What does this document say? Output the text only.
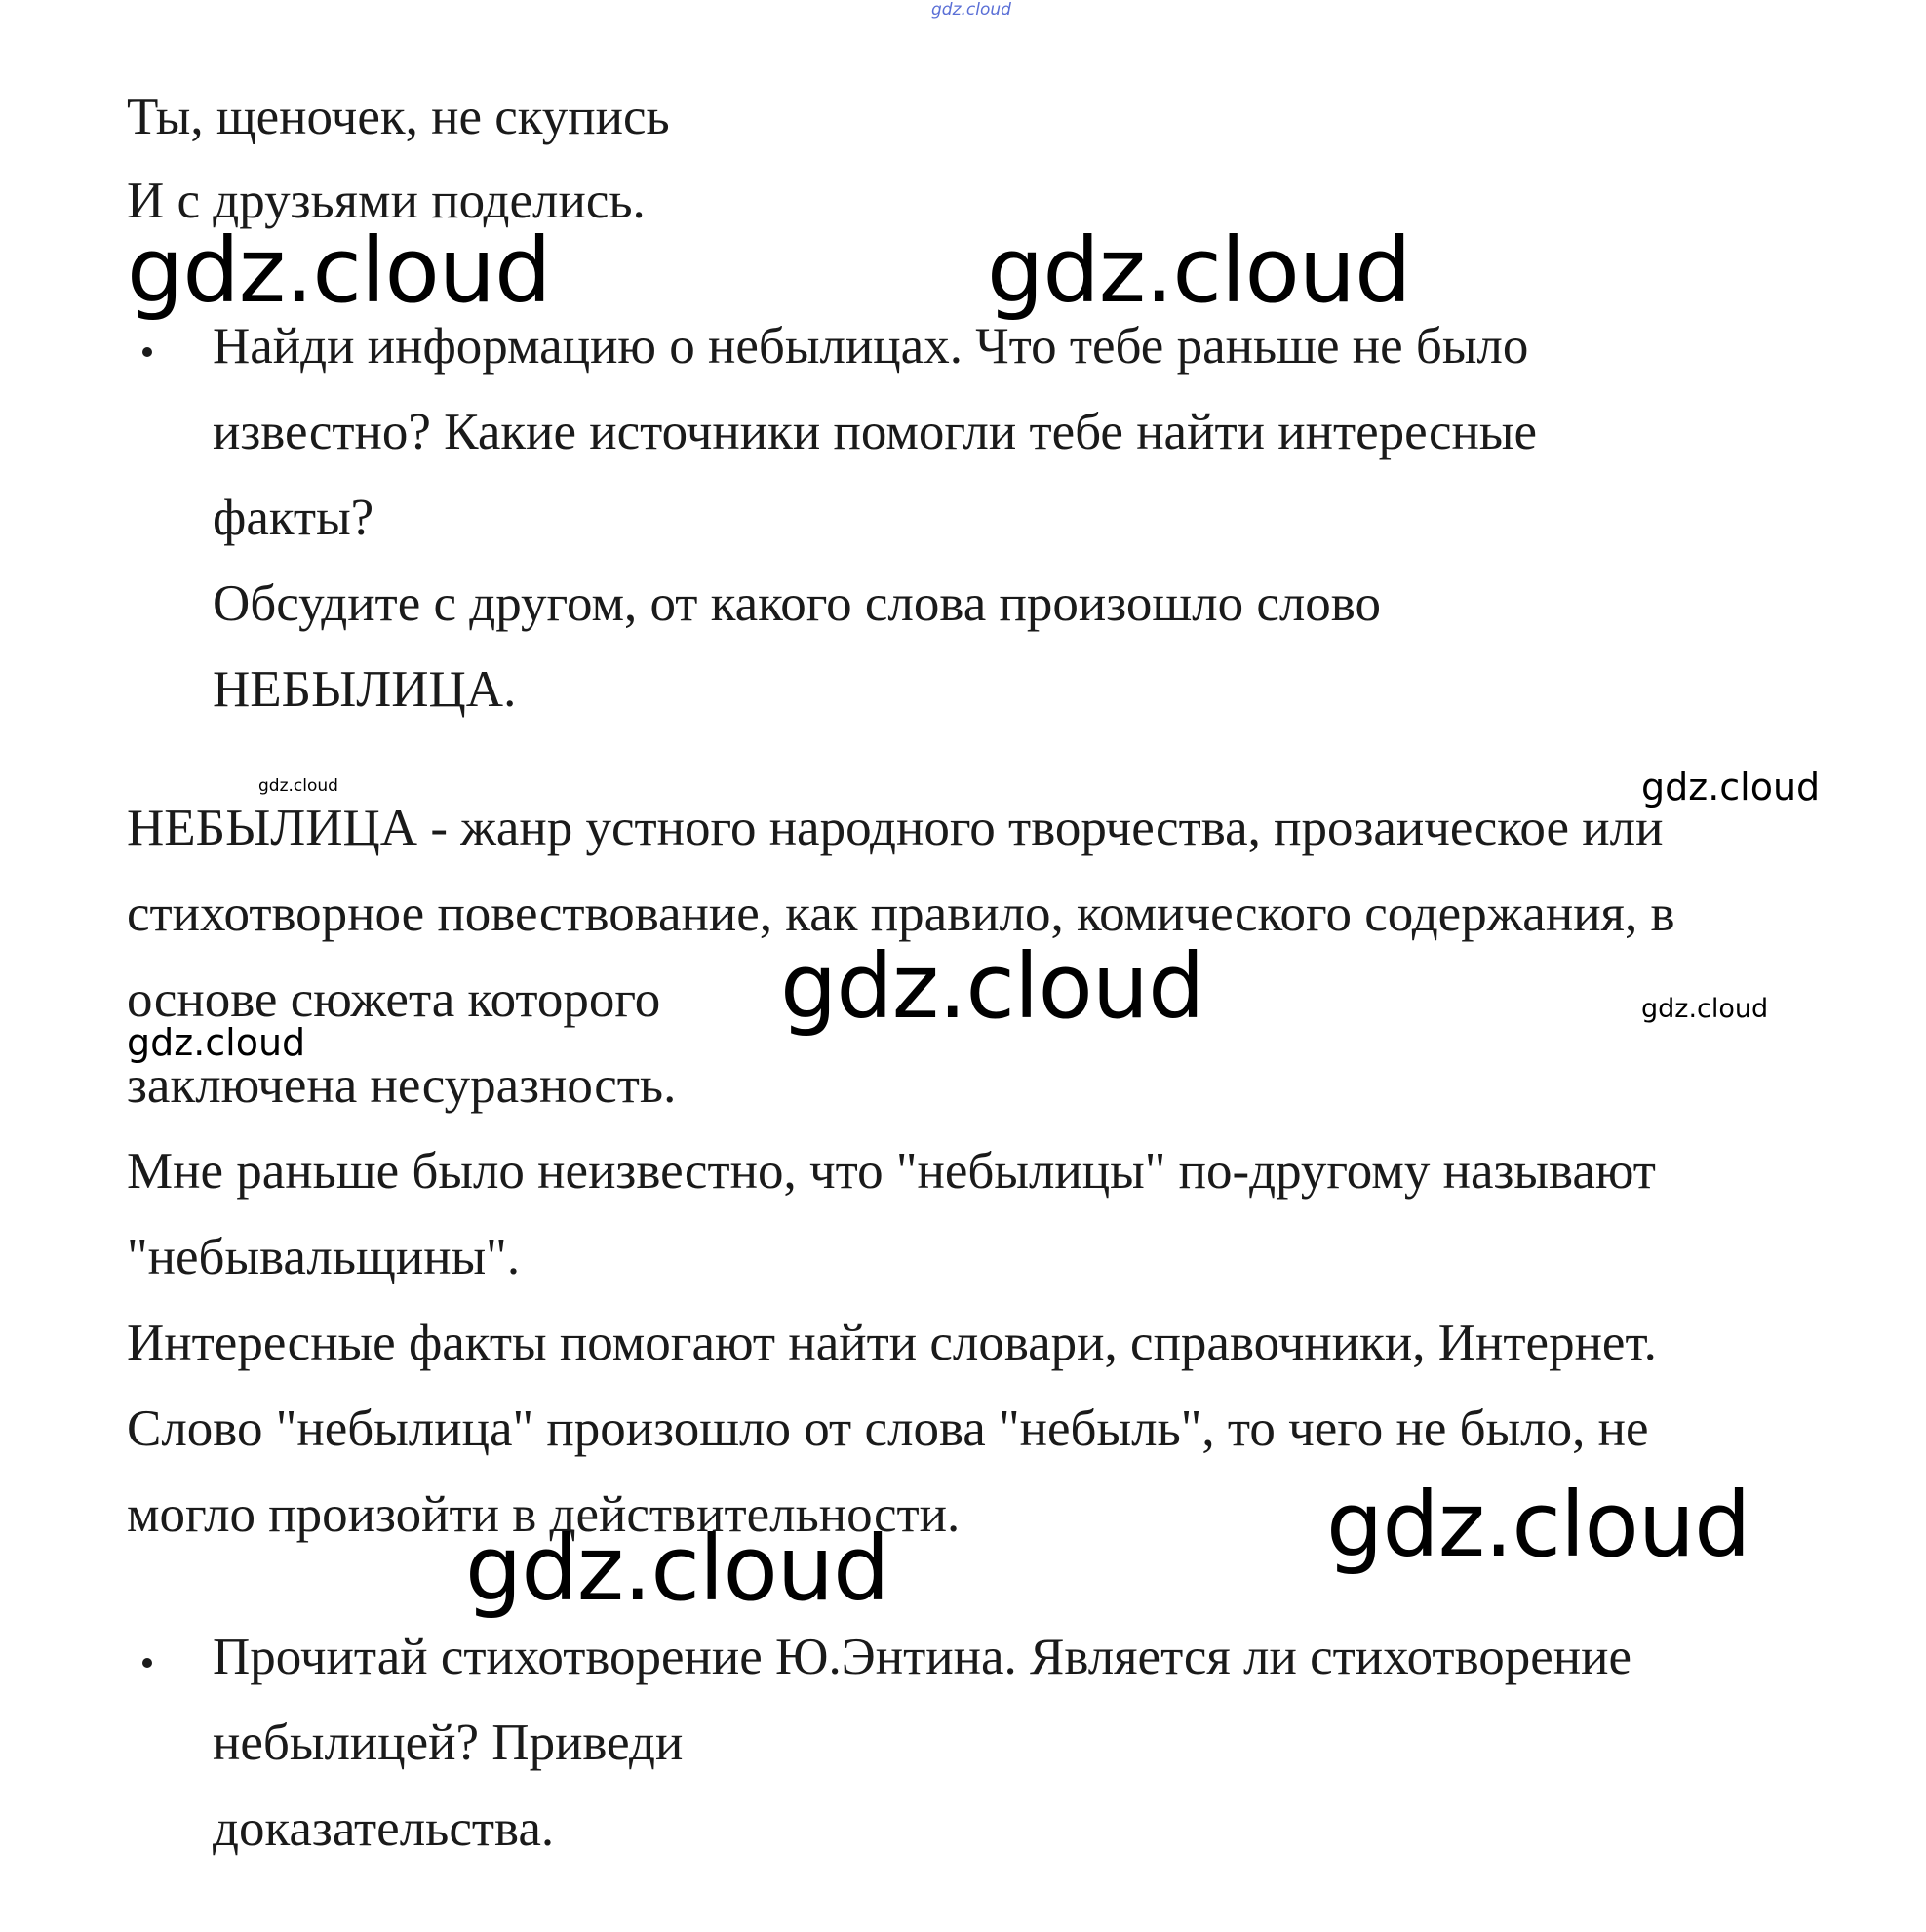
gdz.cloud
Ты, щеночек, не скупись
И с друзьями поделись.
gdz.cloud	gdz.cloud
Найди информацию о небылицах. Что тебе раньше не было
известно? Какие источники помогли тебе найти интересные
факты?
Обсудите с другом, от какого слова произошло слово
НЕБЫЛИЦА.
gdz.cloud	gdz.cloud
НЕБЫЛИЦА - жанр устного народного творчества, прозаическое или
стихотворное повествование, как правило, комического содержания, в
основе сюжета которого gdz.cloud	gdz.cloud
gdz.cloud
заключена несуразность.
Мне раньше было неизвестно, что "небылицы" по-другому называют
"небывальщины".
Интересные факты помогают найти словари, справочники, Интернет.
Слово "небылица" произошло от слова "небыль", то чего не было, не
могло произойти в действительности.	gdz.cloud
gdz.cloud
Прочитай стихотворение Ю.Энтина. Является ли стихотворение
небылицей? Приведи
доказательства.
